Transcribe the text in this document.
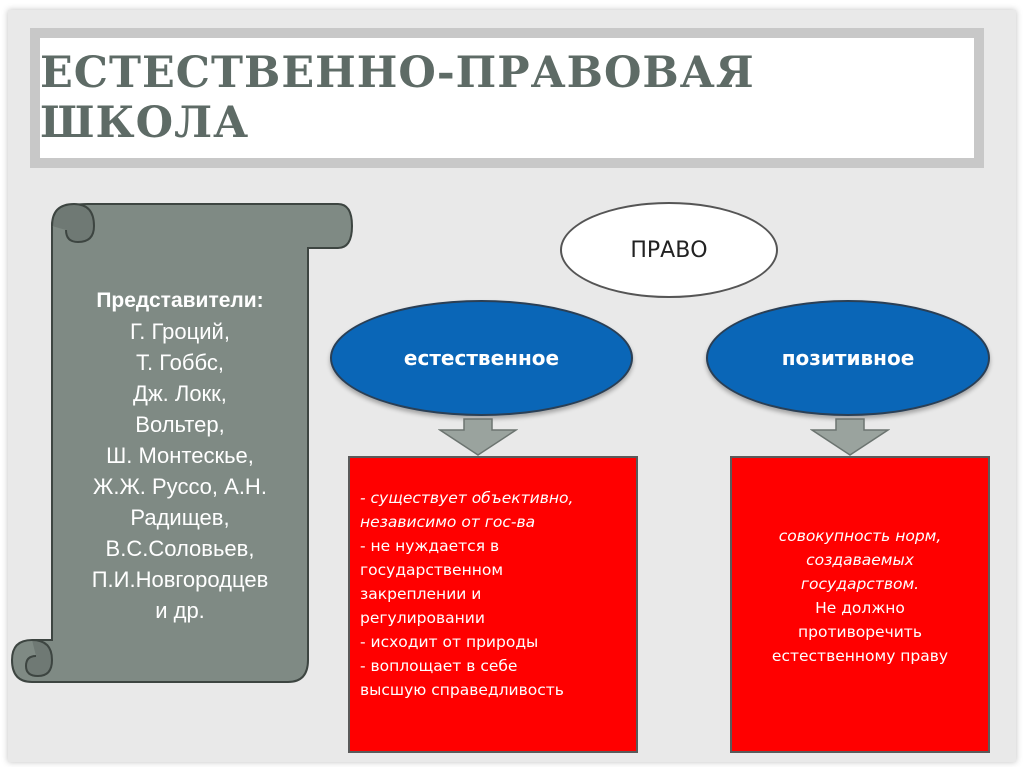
ЕСТЕСТВЕННО-ПРАВОВАЯ ШКОЛА
Представители:
Г. Гроций,
Т. Гоббс,
Дж. Локк,
Вольтер,
Ш. Монтескье,
Ж.Ж. Руссо, А.Н.
Радищев,
В.С.Соловьев,
П.И.Новгородцев
и др.
ПРАВО
естественное	позитивное
- существует объективно,
независимо от гос-ва
- не нуждается в
государственном
закреплении и
регулировании
- исходит от природы
- воплощает в себе
высшую справедливость
совокупность норм,
создаваемых
государством.
Не должно
противоречить
естественному праву
